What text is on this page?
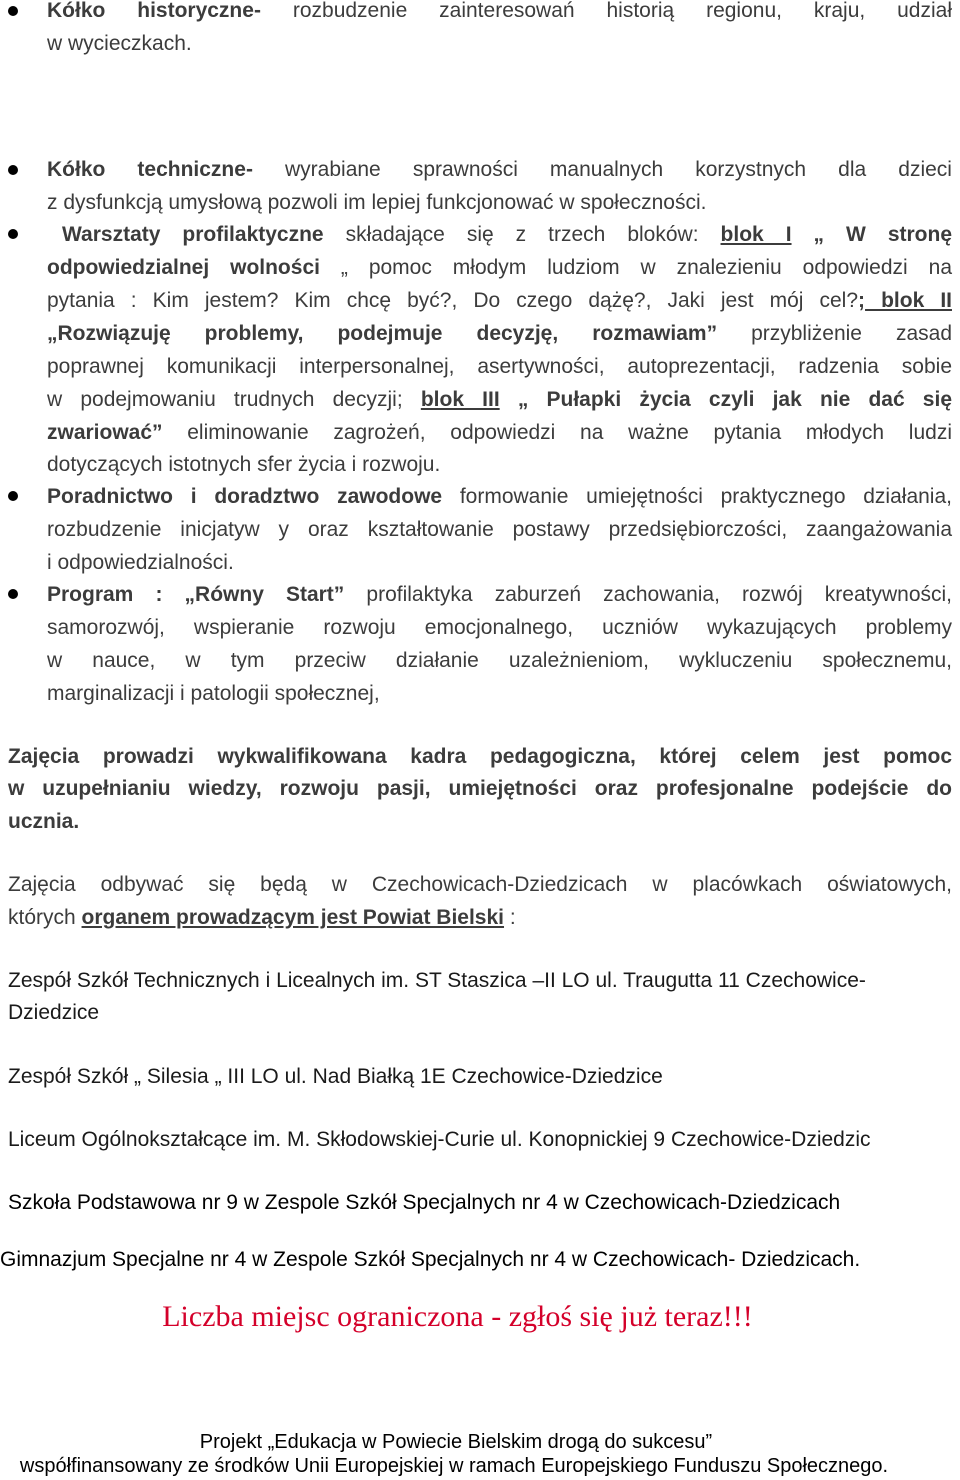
Kółko historyczne- rozbudzenie zainteresowań historią regionu, kraju, udział
w wycieczkach.
Kółko techniczne- wyrabiane sprawności manualnych korzystnych dla dzieci
z dysfunkcją umysłową pozwoli im lepiej funkcjonować w społeczności.
Warsztaty profilaktyczne składające się z trzech bloków: blok I „ W stronę
odpowiedzialnej wolności „ pomoc młodym ludziom w znalezieniu odpowiedzi na
pytania : Kim jestem? Kim chcę być?, Do czego dążę?, Jaki jest mój cel?; blok II
„Rozwiązuję problemy, podejmuje decyzję, rozmawiam” przybliżenie zasad
poprawnej komunikacji interpersonalnej, asertywności, autoprezentacji, radzenia sobie
w podejmowaniu trudnych decyzji; blok III „ Pułapki życia czyli jak nie dać się
zwariować” eliminowanie zagrożeń, odpowiedzi na ważne pytania młodych ludzi
dotyczących istotnych sfer życia i rozwoju.
Poradnictwo i doradztwo zawodowe formowanie umiejętności praktycznego działania,
rozbudzenie inicjatyw y oraz kształtowanie postawy przedsiębiorczości, zaangażowania
i odpowiedzialności.
Program : „Równy Start” profilaktyka zaburzeń zachowania, rozwój kreatywności,
samorozwój, wspieranie rozwoju emocjonalnego, uczniów wykazujących problemy
w nauce, w tym przeciw działanie uzależnieniom, wykluczeniu społecznemu,
marginalizacji i patologii społecznej,
Zajęcia prowadzi wykwalifikowana kadra pedagogiczna, której celem jest pomoc
w uzupełnianiu wiedzy, rozwoju pasji, umiejętności oraz profesjonalne podejście do
ucznia.
Zajęcia odbywać się będą w Czechowicach-Dziedzicach w placówkach oświatowych,
których organem prowadzącym jest Powiat Bielski :
Zespół Szkół Technicznych i Licealnych im. ST Staszica –II LO ul. Traugutta 11 Czechowice-
Dziedzice
Zespół Szkół „ Silesia „ III LO ul. Nad Białką 1E Czechowice-Dziedzice
Liceum Ogólnokształcące im. M. Skłodowskiej-Curie ul. Konopnickiej 9 Czechowice-Dziedzic
Szkoła Podstawowa nr 9 w Zespole Szkół Specjalnych nr 4 w Czechowicach-Dziedzicach
Gimnazjum Specjalne nr 4 w Zespole Szkół Specjalnych nr 4 w Czechowicach- Dziedzicach.
Liczba miejsc ograniczona - zgłoś się już teraz!!!
Projekt „Edukacja w Powiecie Bielskim drogą do sukcesu”
współfinansowany ze środków Unii Europejskiej w ramach Europejskiego Funduszu Społecznego.
